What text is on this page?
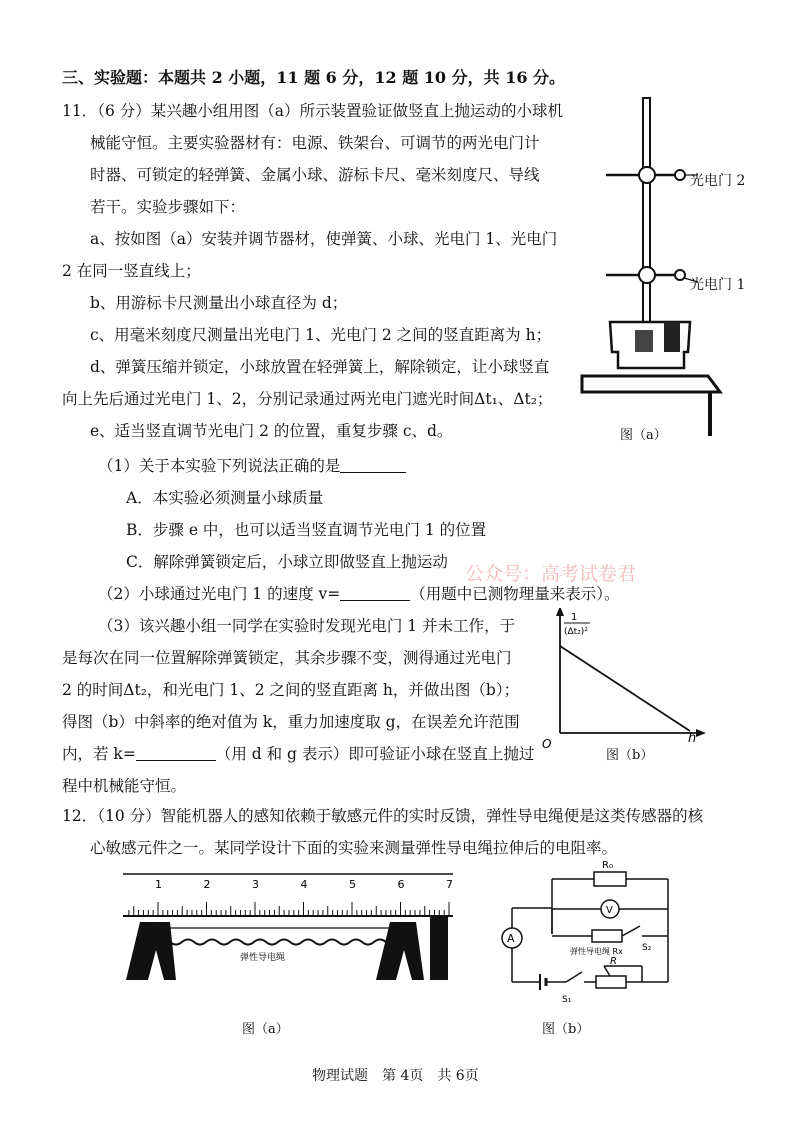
三、实验题：本题共 2 小题，11 题 6 分，12 题 10 分，共 16 分。
11．（6 分）某兴趣小组用图（a）所示装置验证做竖直上抛运动的小球机
械能守恒。主要实验器材有：电源、铁架台、可调节的两光电门计
时器、可锁定的轻弹簧、金属小球、游标卡尺、毫米刻度尺、导线
若干。实验步骤如下：
a、按如图（a）安装并调节器材，使弹簧、小球、光电门 1、光电门
2 在同一竖直线上；
b、用游标卡尺测量出小球直径为 d；
c、用毫米刻度尺测量出光电门 1、光电门 2 之间的竖直距离为 h；
d、弹簧压缩并锁定，小球放置在轻弹簧上，解除锁定，让小球竖直
向上先后通过光电门 1、2，分别记录通过两光电门遮光时间Δt₁、Δt₂；
e、适当竖直调节光电门 2 的位置，重复步骤 c、d。
（1）关于本实验下列说法正确的是
A．本实验必须测量小球质量
B．步骤 e 中，也可以适当竖直调节光电门 1 的位置
C．解除弹簧锁定后，小球立即做竖直上抛运动
公众号：高考试卷君
（2）小球通过光电门 1 的速度 v=	（用题中已测物理量来表示）。
（3）该兴趣小组一同学在实验时发现光电门 1 并未工作，于
是每次在同一位置解除弹簧锁定，其余步骤不变，测得通过光电门
2 的时间Δt₂，和光电门 1、2 之间的竖直距离 h，并做出图（b）；
得图（b）中斜率的绝对值为 k，重力加速度取 g，在误差允许范围
内，若 k=	（用 d 和 g 表示）即可验证小球在竖直上抛过
程中机械能守恒。
12．（10 分）智能机器人的感知依赖于敏感元件的实时反馈，弹性导电绳便是这类传感器的核
心敏感元件之一。某同学设计下面的实验来测量弹性导电绳拉伸后的电阻率。
光电门 2
光电门 1
图（a）
1
(Δt₂)²
h
O
图（b）
1	2	3	4	5	6	7
弹性导电绳
图（a）
R₀
V
A
弹性导电绳 Rx S₂
R
S₁
图（b）
物理试题　第 4页　共 6页
